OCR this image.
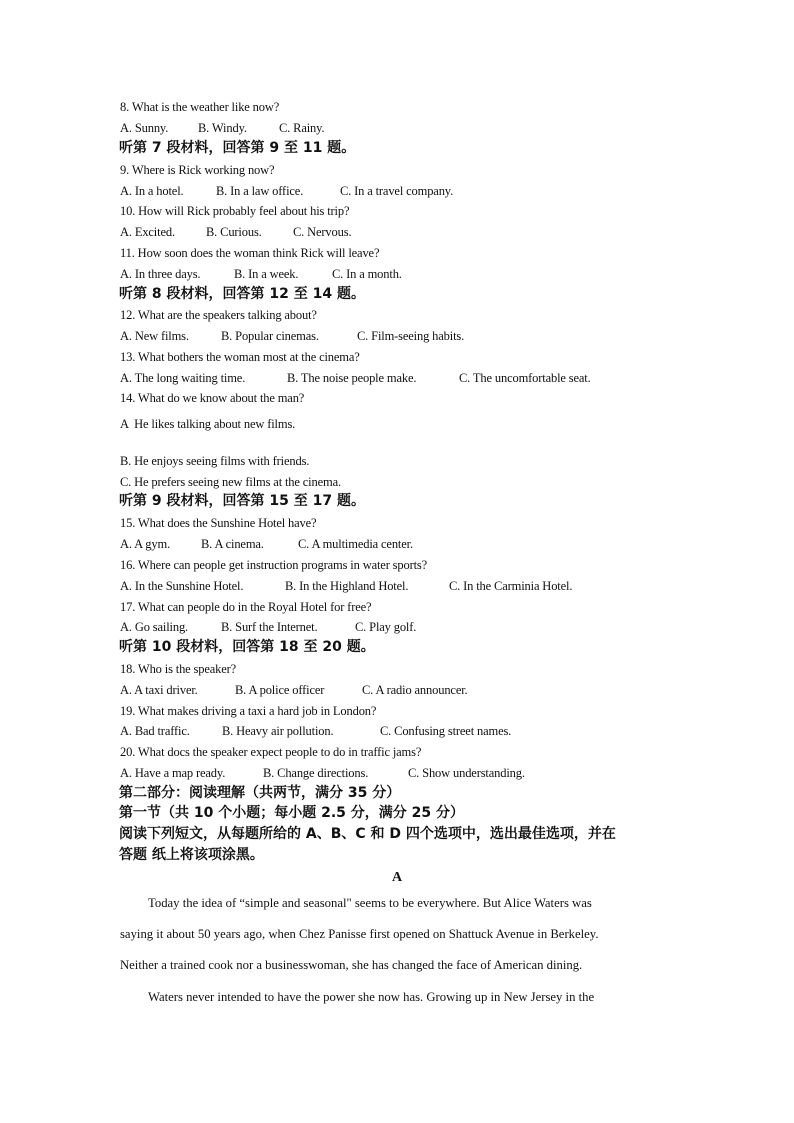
8. What is the weather like now?
A. Sunny. B. Windy.	C. Rainy.
听第 7 段材料，回答第 9 至 11 题。
9. Where is Rick working now?
A. In a hotel.	B. In a law office.	C. In a travel company.
10. How will Rick probably feel about his trip?
A. Excited. B. Curious.	C. Nervous.
11. How soon does the woman think Rick will leave?
A. In three days.	B. In a week.	C. In a month.
听第 8 段材料，回答第 12 至 14 题。
12. What are the speakers talking about?
A. New films.	B. Popular cinemas.	C. Film-seeing habits.
13. What bothers the woman most at the cinema?
A. The long waiting time.	B. The noise people make.	C. The uncomfortable seat.
14. What do we know about the man?
A  He likes talking about new films.
B. He enjoys seeing films with friends.
C. He prefers seeing new films at the cinema.
听第 9 段材料，回答第 15 至 17 题。
15. What does the Sunshine Hotel have?
A. A gym. B. A cinema.	C. A multimedia center.
16. Where can people get instruction programs in water sports?
A. In the Sunshine Hotel.	B. In the Highland Hotel.	C. In the Carminia Hotel.
17. What can people do in the Royal Hotel for free?
A. Go sailing.	B. Surf the Internet.	C. Play golf.
听第 10 段材料，回答第 18 至 20 题。
18. Who is the speaker?
A. A taxi driver.	B. A police officer	C. A radio announcer.
19. What makes driving a taxi a hard job in London?
A. Bad traffic.	B. Heavy air pollution.	C. Confusing street names.
20. What docs the speaker expect people to do in traffic jams?
A. Have a map ready.	B. Change directions.	C. Show understanding.
第二部分：阅读理解（共两节，满分 35 分）
第一节（共 10 个小题；每小题 2.5 分，满分 25 分）
阅读下列短文，从每题所给的 A、B、C 和 D 四个选项中，选出最佳选项，并在
答题 纸上将该项涂黑。
A
Today the idea of “simple and seasonal" seems to be everywhere. But Alice Waters was
saying it about 50 years ago, when Chez Panisse first opened on Shattuck Avenue in Berkeley.
Neither a trained cook nor a businesswoman, she has changed the face of American dining.
Waters never intended to have the power she now has. Growing up in New Jersey in the
